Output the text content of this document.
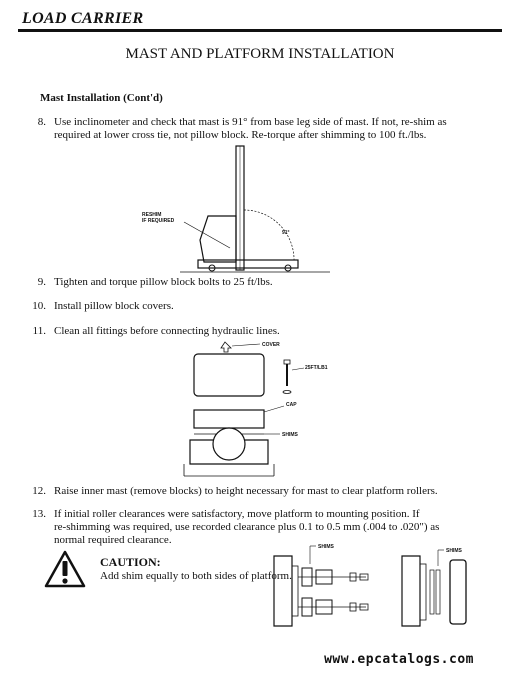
LOAD CARRIER
MAST AND PLATFORM INSTALLATION
Mast Installation (Cont'd)
8. Use inclinometer and check that mast is 91° from base leg side of mast. If not, re-shim as
required at lower cross tie, not pillow block. Re-torque after shimming to 100 ft./lbs.
RESHIM
IF REQUIRED
91°
9. Tighten and torque pillow block bolts to 25 ft/lbs.
10. Install pillow block covers.
11. Clean all fittings before connecting hydraulic lines.
COVER
25FT/LB1
CAP
SHIMS
12. Raise inner mast (remove blocks) to height necessary for mast to clear platform rollers.
13. If initial roller clearances were satisfactory, move platform to mounting position. If
re-shimming was required, use recorded clearance plus 0.1 to 0.5 mm (.004 to .020") as
normal required clearance.
CAUTION:
Add shim equally to both sides of platform.
SHIMS
SHIMS
www.epcatalogs.com
